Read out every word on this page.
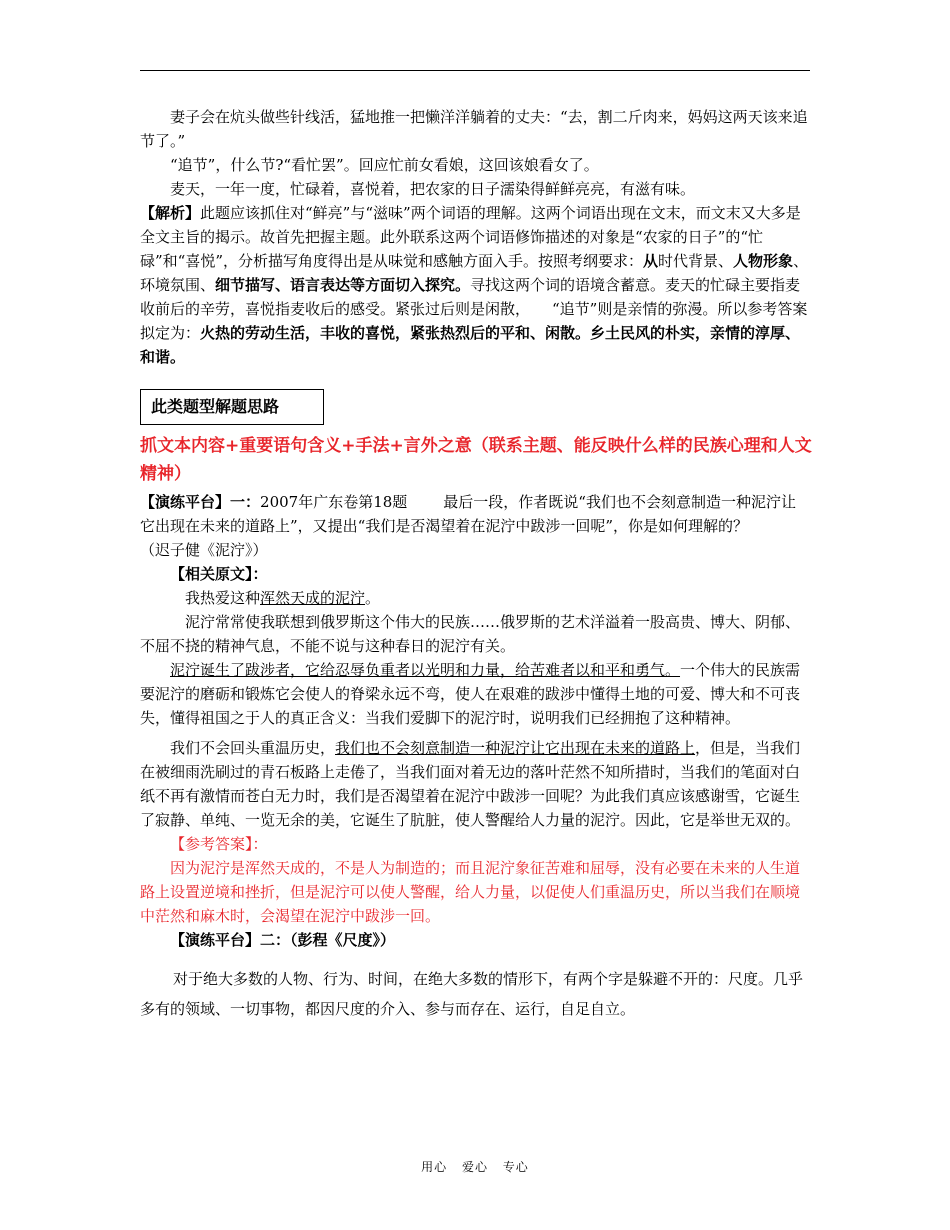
妻子会在炕头做些针线活，猛地推一把懒洋洋躺着的丈夫：“去，割二斤肉来，妈妈这两天该来追节了。”

“追节”，什么节?“看忙罢”。回应忙前女看娘，这回该娘看女了。

麦天，一年一度，忙碌着，喜悦着，把农家的日子濡染得鲜鲜亮亮，有滋有味。

【解析】此题应该抓住对“鲜亮”与“滋味”两个词语的理解。这两个词语出现在文末，而文末又大多是全文主旨的揭示。故首先把握主题。此外联系这两个词语修饰描述的对象是“农家的日子”的“忙碌”和“喜悦”，分析描写角度得出是从味觉和感触方面入手。按照考纲要求：从时代背景、人物形象、环境氛围、细节描写、语言表达等方面切入探究。寻找这两个词的语境含蓄意。麦天的忙碌主要指麦收前后的辛劳，喜悦指麦收后的感受。紧张过后则是闲散， “追节”则是亲情的弥漫。所以参考答案拟定为：火热的劳动生活，丰收的喜悦，紧张热烈后的平和、闲散。乡土民风的朴实，亲情的淳厚、和谐。

此类题型解题思路
抓文本内容+重要语句含义+手法+言外之意（联系主题、能反映什么样的民族心理和人文精神）

【演练平台】一：2007年广东卷第18题 最后一段，作者既说“我们也不会刻意制造一种泥泞让它出现在未来的道路上”，又提出“我们是否渴望着在泥泞中跋涉一回呢”，你是如何理解的？（迟子健《泥泞》）

【相关原文】：

我热爱这种浑然天成的泥泞。

泥泞常常使我联想到俄罗斯这个伟大的民族……俄罗斯的艺术洋溢着一股高贵、博大、阴郁、不屈不挠的精神气息，不能不说与这种春日的泥泞有关。

泥泞诞生了跋涉者，它给忍辱负重者以光明和力量，给苦难者以和平和勇气。一个伟大的民族需要泥泞的磨砺和锻炼它会使人的脊梁永远不弯，使人在艰难的跋涉中懂得土地的可爱、博大和不可丧失，懂得祖国之于人的真正含义：当我们爱脚下的泥泞时，说明我们已经拥抱了这种精神。

我们不会回头重温历史，我们也不会刻意制造一种泥泞让它出现在未来的道路上，但是，当我们在被细雨洗刷过的青石板路上走倦了，当我们面对着无边的落叶茫然不知所措时，当我们的笔面对白纸不再有激情而苍白无力时，我们是否渴望着在泥泞中跋涉一回呢？为此我们真应该感谢雪，它诞生了寂静、单纯、一览无余的美，它诞生了肮脏，使人警醒给人力量的泥泞。因此，它是举世无双的。

【参考答案】：

因为泥泞是浑然天成的，不是人为制造的；而且泥泞象征苦难和屈辱，没有必要在未来的人生道路上设置逆境和挫折，但是泥泞可以使人警醒，给人力量，以促使人们重温历史，所以当我们在顺境中茫然和麻木时，会渴望在泥泞中跋涉一回。

【演练平台】二：（彭程《尺度》）

对于绝大多数的人物、行为、时间，在绝大多数的情形下，有两个字是躲避不开的：尺度。几乎多有的领域、一切事物，都因尺度的介入、参与而存在、运行，自足自立。

用心 爱心 专心
